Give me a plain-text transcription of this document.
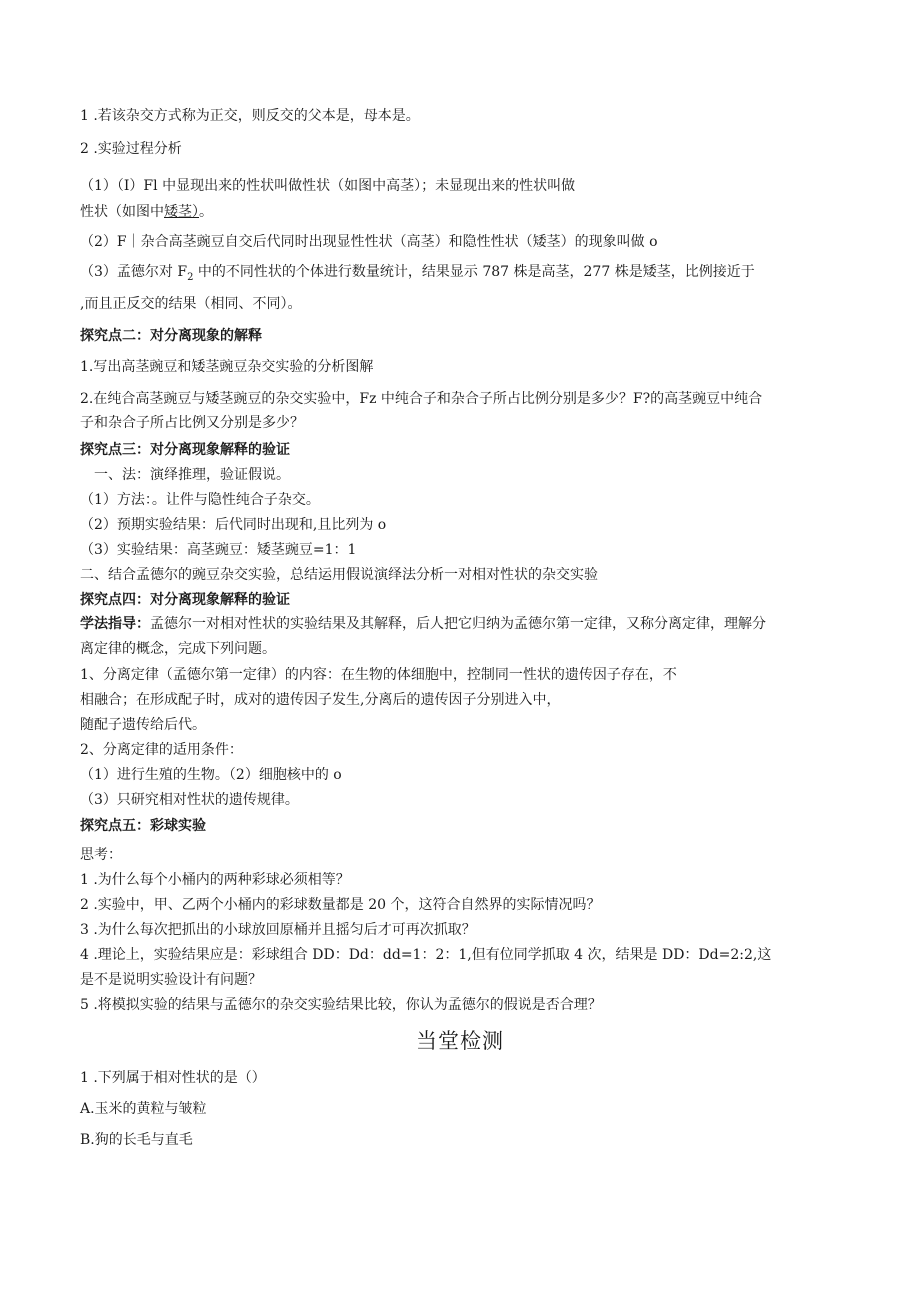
1 .若该杂交方式称为正交，则反交的父本是，母本是。
2 .实验过程分析
（1）（I）Fl 中显现出来的性状叫做性状（如图中高茎）；未显现出来的性状叫做
性状（如图中矮茎）。
（2）F｜杂合高茎豌豆自交后代同时出现显性性状（高茎）和隐性性状（矮茎）的现象叫做 o
（3）孟德尔对 $F_2$ 中的不同性状的个体进行数量统计，结果显示 787 株是高茎，277 株是矮茎，比例接近于
,而且正反交的结果（相同、不同）。
探究点二：对分离现象的解释
1.写出高茎豌豆和矮茎豌豆杂交实验的分析图解
2.在纯合高茎豌豆与矮茎豌豆的杂交实验中，Fz 中纯合子和杂合子所占比例分别是多少？F?的高茎豌豆中纯合
子和杂合子所占比例又分别是多少？
探究点三：对分离现象解释的验证
一、法：演绎推理，验证假说。
（1）方法：。让件与隐性纯合子杂交。
（2）预期实验结果：后代同时出现和,且比列为 o
（3）实验结果：高茎豌豆：矮茎豌豆=1：1
二、结合孟德尔的豌豆杂交实验，总结运用假说演绎法分析一对相对性状的杂交实验
探究点四：对分离现象解释的验证
学法指导：孟德尔一对相对性状的实验结果及其解释，后人把它归纳为孟德尔第一定律，又称分离定律，理解分
离定律的概念，完成下列问题。
1、分离定律（孟德尔第一定律）的内容：在生物的体细胞中，控制同一性状的遗传因子存在，不
相融合；在形成配子时，成对的遗传因子发生,分离后的遗传因子分别进入中，
随配子遗传给后代。
2、分离定律的适用条件：
（1）进行生殖的生物。（2）细胞核中的 o
（3）只研究相对性状的遗传规律。
探究点五：彩球实验
思考：
1 .为什么每个小桶内的两种彩球必须相等？
2 .实验中，甲、乙两个小桶内的彩球数量都是 20 个，这符合自然界的实际情况吗？
3 .为什么每次把抓出的小球放回原桶并且摇匀后才可再次抓取？
4 .理论上，实验结果应是：彩球组合 DD：Dd：dd=1：2：1,但有位同学抓取 4 次，结果是 DD：Dd=2:2,这
是不是说明实验设计有问题？
5 .将模拟实验的结果与孟德尔的杂交实验结果比较，你认为孟德尔的假说是否合理？
当堂检测
1 .下列属于相对性状的是（）
A.玉米的黄粒与皱粒
B.狗的长毛与直毛
